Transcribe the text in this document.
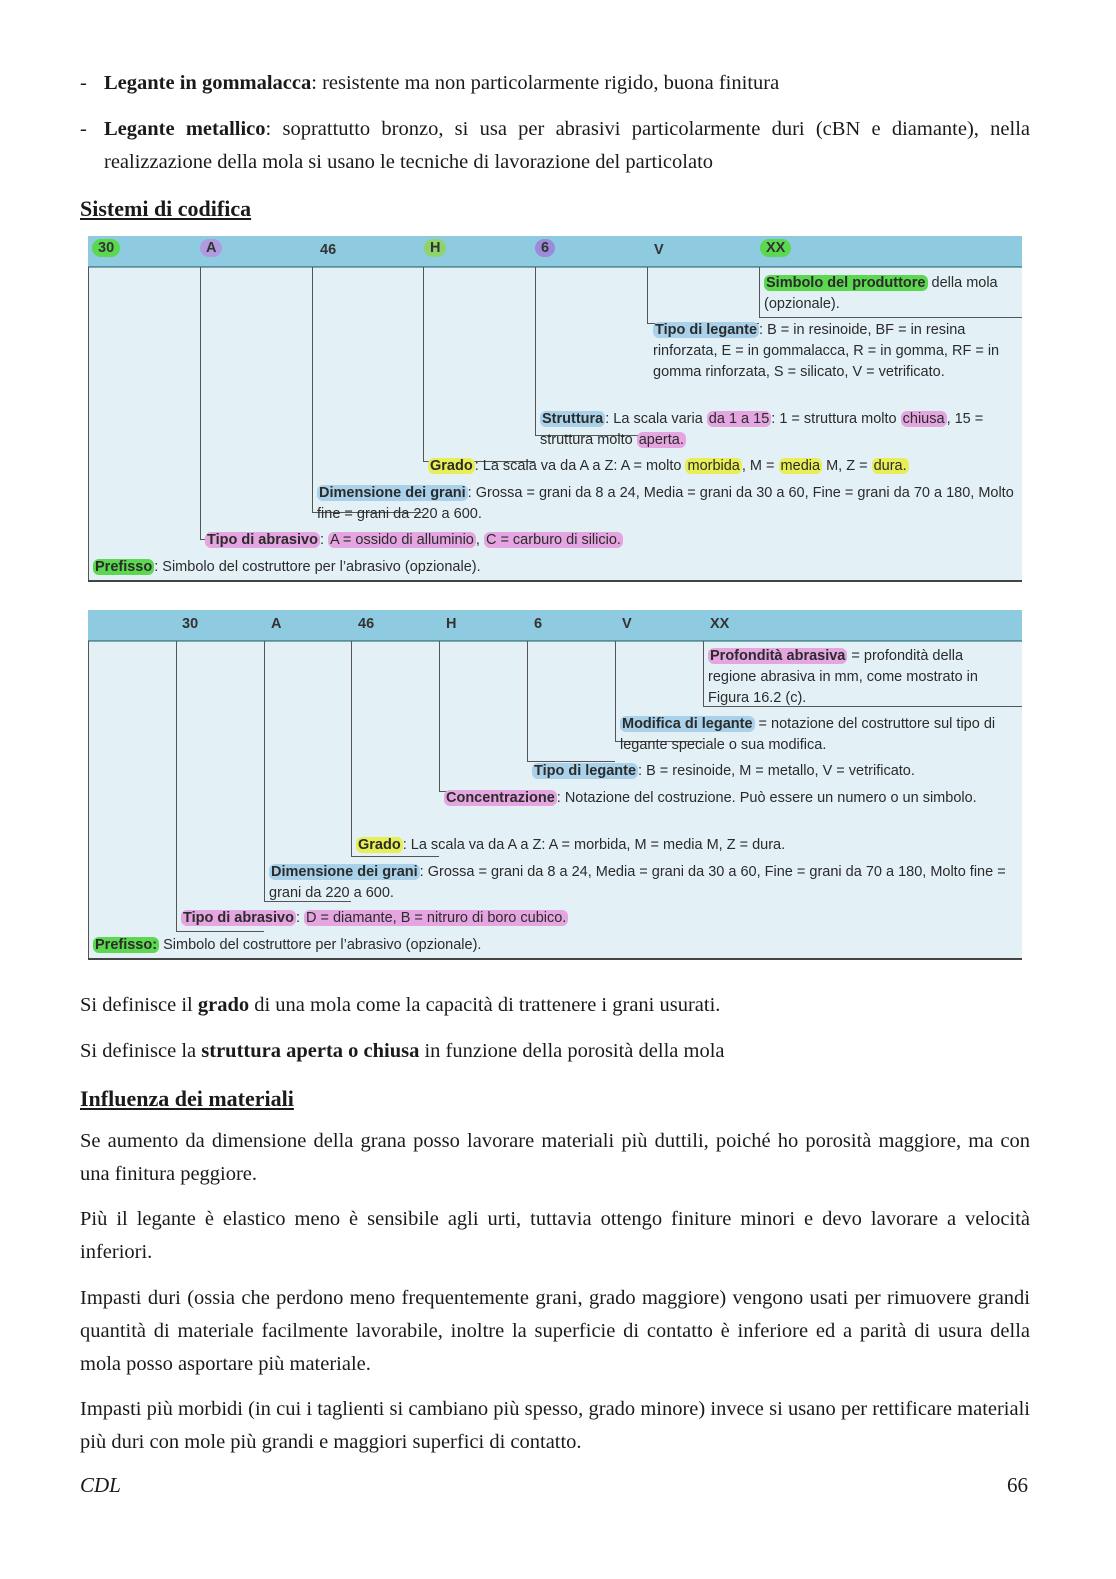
- Legante in gommalacca: resistente ma non particolarmente rigido, buona finitura
- Legante metallico: soprattutto bronzo, si usa per abrasivi particolarmente duri (cBN e diamante), nella realizzazione della mola si usano le tecniche di lavorazione del particolato
Sistemi di codifica
30	A	46	H	6	V	XX
Simbolo del produttore della mola (opzionale).
Tipo di legante : B = in resinoide, BF = in resina rinforzata, E = in gommalacca, R = in gomma, RF = in gomma rinforzata, S = silicato, V = vetrificato.
Struttura : La scala varia da 1 a 15 : 1 = struttura molto chiusa , 15 = struttura molto aperta.
Grado : La scala va da A a Z: A = molto morbida , M = media M, Z = dura.
Dimensione dei grani : Grossa = grani da 8 a 24, Media = grani da 30 a 60, Fine = grani da 70 a 180, Molto fine = grani da 220 a 600.
Tipo di abrasivo : A = ossido di alluminio , C = carburo di silicio.
Prefisso : Simbolo del costruttore per l’abrasivo (opzionale).
30	A	46	H	6	V	XX
Profondità abrasiva = profondità della regione abrasiva in mm, come mostrato in Figura 16.2 (c).
Modifica di legante = notazione del costruttore sul tipo di legante speciale o sua modifica.
Tipo di legante : B = resinoide, M = metallo, V = vetrificato.
Concentrazione : Notazione del costruzione. Può essere un numero o un simbolo.
Grado : La scala va da A a Z: A = morbida, M = media M, Z = dura.
Dimensione dei grani : Grossa = grani da 8 a 24, Media = grani da 30 a 60, Fine = grani da 70 a 180, Molto fine = grani da 220 a 600.
Tipo di abrasivo : D = diamante, B = nitruro di boro cubico.
Prefisso: Simbolo del costruttore per l’abrasivo (opzionale).
Si definisce il grado di una mola come la capacità di trattenere i grani usurati.
Si definisce la struttura aperta o chiusa in funzione della porosità della mola
Influenza dei materiali
Se aumento da dimensione della grana posso lavorare materiali più duttili, poiché ho porosità maggiore, ma con una finitura peggiore.
Più il legante è elastico meno è sensibile agli urti, tuttavia ottengo finiture minori e devo lavorare a velocità inferiori.
Impasti duri (ossia che perdono meno frequentemente grani, grado maggiore) vengono usati per rimuovere grandi quantità di materiale facilmente lavorabile, inoltre la superficie di contatto è inferiore ed a parità di usura della mola posso asportare più materiale.
Impasti più morbidi (in cui i taglienti si cambiano più spesso, grado minore) invece si usano per rettificare materiali più duri con mole più grandi e maggiori superfici di contatto.
CDL	66
